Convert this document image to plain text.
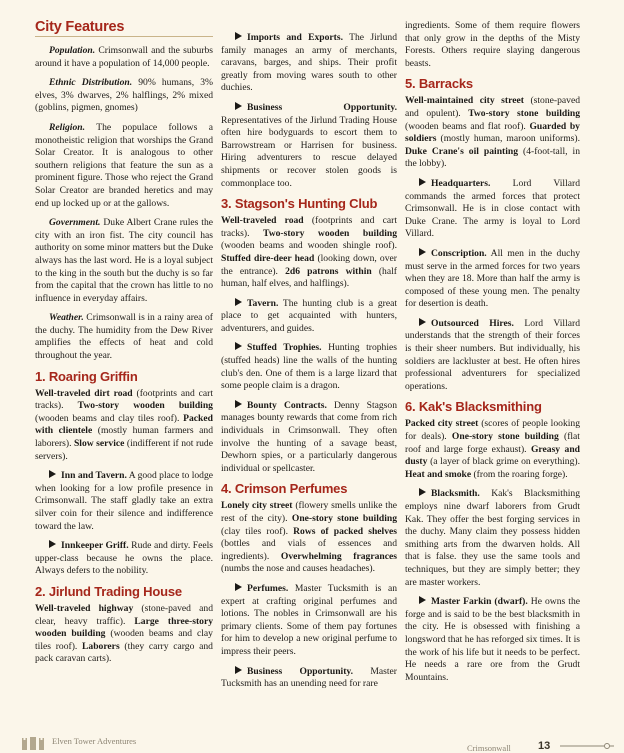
City Features

Population. Crimsonwall and the suburbs around it have a population of 14,000 people.

Ethnic Distribution. 90% humans, 3% elves, 3% dwarves, 2% halflings, 2% mixed (goblins, pigmen, gnomes)

Religion. The populace follows a monotheistic religion that worships the Grand Solar Creator. It is analogous to other southern religions that feature the sun as a prominent figure. Those who reject the Grand Solar Creator are branded heretics and may end up locked up or at the gallows.

Government. Duke Albert Crane rules the city with an iron fist. The city council has authority on some minor matters but the Duke always has the last word. He is a loyal subject to the king in the south but the duchy is so far from the capital that the crown has little to no influence in everyday affairs.

Weather. Crimsonwall is in a rainy area of the duchy. The humidity from the Dew River amplifies the effects of heat and cold throughout the year.

1. Roaring Griffin

Well-traveled dirt road (footprints and cart tracks). Two-story wooden building (wooden beams and clay tiles roof). Packed with clientele (mostly human farmers and laborers). Slow service (indifferent if not rude servers).

Inn and Tavern. A good place to lodge when looking for a low profile presence in Crimsonwall. The staff gladly take an extra silver coin for their silence and indifference toward the law.

Innkeeper Griff. Rude and dirty. Feels upper-class because he owns the place. Always defers to the nobility.

2. Jirlund Trading House

Well-traveled highway (stone-paved and clear, heavy traffic). Large three-story wooden building (wooden beams and clay tiles roof). Laborers (they carry cargo and pack caravan carts).

Imports and Exports. The Jirlund family manages an army of merchants, caravans, barges, and ships. Their profit greatly from moving wares south to other duchies.

Business Opportunity. Representatives of the Jirlund Trading House often hire bodyguards to escort them to Barrowstream or Harrisen for business. Hiring adventurers to rescue delayed shipments or recover stolen goods is commonplace too.

3. Stagson's Hunting Club

Well-traveled road (footprints and cart tracks). Two-story wooden building (wooden beams and wooden shingle roof). Stuffed dire-deer head (looking down, over the entrance). 2d6 patrons within (half human, half elves, and halflings).

Tavern. The hunting club is a great place to get acquainted with hunters, adventurers, and guides.

Stuffed Trophies. Hunting trophies (stuffed heads) line the walls of the hunting club's den. One of them is a large lizard that some people claim is a dragon.

Bounty Contracts. Denny Stagson manages bounty rewards that come from rich individuals in Crimsonwall. They often involve the hunting of a savage beast, Dewhorn spies, or a particularly dangerous individual or spellcaster.

4. Crimson Perfumes

Lonely city street (flowery smells unlike the rest of the city). One-story stone building (clay tiles roof). Rows of packed shelves (bottles and vials of essences and ingredients). Overwhelming fragrances (numbs the nose and causes headaches).

Perfumes. Master Tucksmith is an expert at crafting original perfumes and lotions. The nobles in Crimsonwall are his primary clients. Some of them pay fortunes for him to develop a new original perfume to impress their peers.

Business Opportunity. Master Tucksmith has an unending need for rare

ingredients. Some of them require flowers that only grow in the depths of the Misty Forests. Others require slaying dangerous beasts.

5. Barracks

Well-maintained city street (stone-paved and opulent). Two-story stone building (wooden beams and flat roof). Guarded by soldiers (mostly human, maroon uniforms). Duke Crane's oil painting (4-foot-tall, in the lobby).

Headquarters. Lord Villard commands the armed forces that protect Crimsonwall. He is in close contact with Duke Crane. The army is loyal to Lord Villard.

Conscription. All men in the duchy must serve in the armed forces for two years when they are 18. More than half the army is composed of these young men. The penalty for desertion is death.

Outsourced Hires. Lord Villard understands that the strength of their forces is their sheer numbers. But individually, his soldiers are lackluster at best. He often hires professional adventurers for specialized operations.

6. Kak's Blacksmithing

Packed city street (scores of people looking for deals). One-story stone building (flat roof and large forge exhaust). Greasy and dusty (a layer of black grime on everything). Heat and smoke (from the roaring forge).

Blacksmith. Kak's Blacksmithing employs nine dwarf laborers from Grudt Kak. They offer the best forging services in the duchy. Many claim they possess hidden smithing arts from the dwarven holds. All that is false. they use the same tools and techniques, but they are simply better; they are master workers.

Master Farkin (dwarf). He owns the forge and is said to be the best blacksmith in the city. He is obsessed with finishing a longsword that he has reforged six times. It is the work of his life but it needs to be perfect. He needs a rare ore from the Grudt Mountains.

Elven Tower Adventures
Crimsonwall 13
